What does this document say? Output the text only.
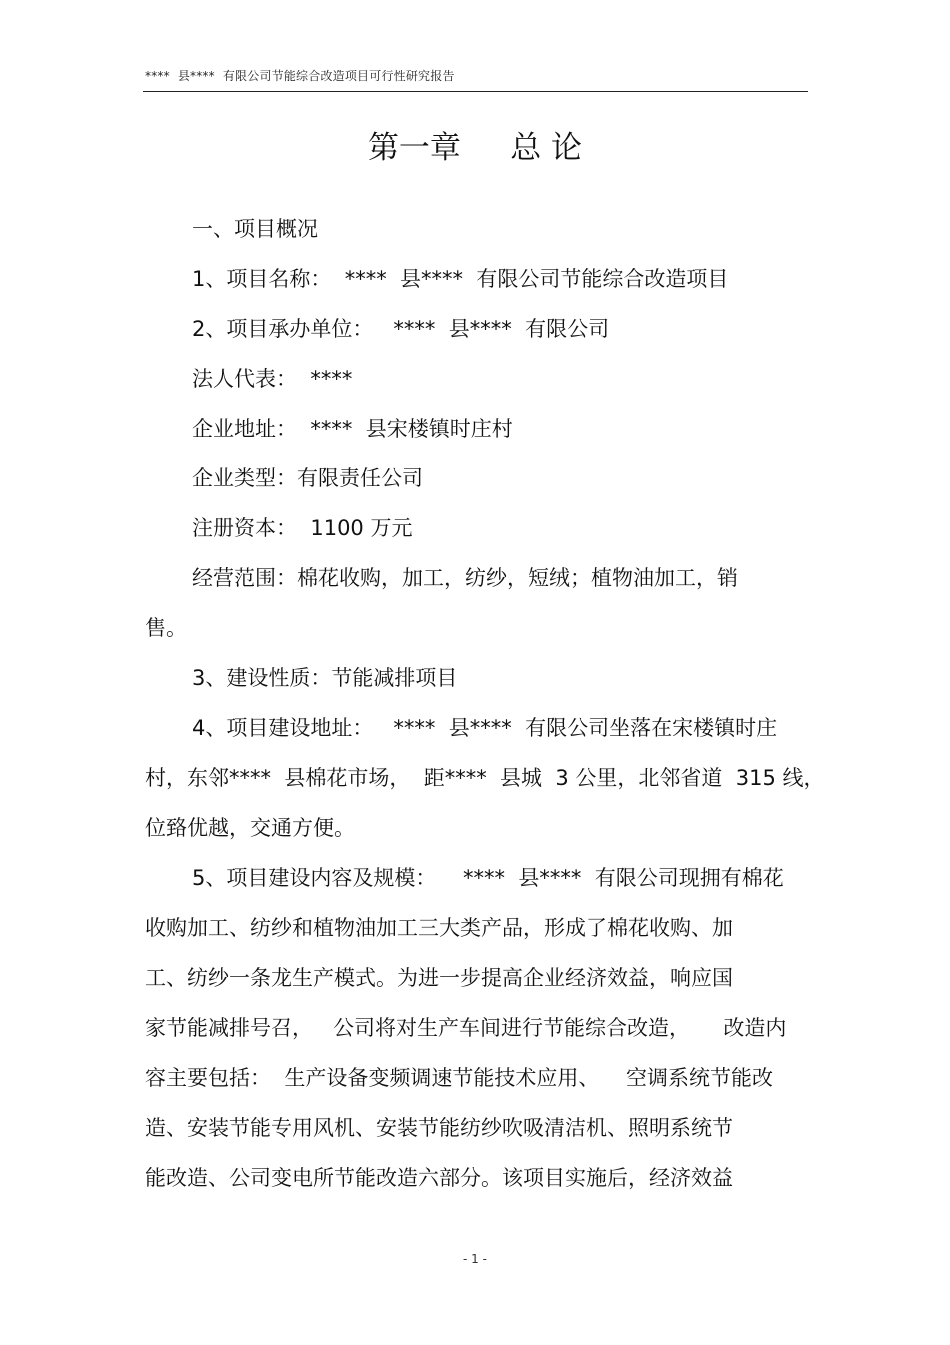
****  县****  有限公司节能综合改造项目可行性研究报告
第一章     总 论
一、项目概况
1、项目名称：  ****  县****  有限公司节能综合改造项目
2、项目承办单位：   ****  县****  有限公司
法人代表：  ****
企业地址：  ****  县宋楼镇时庄村
企业类型：有限责任公司
注册资本：  1100 万元
经营范围：棉花收购，加工，纺纱，短绒；植物油加工，销
售。
3、建设性质：节能减排项目
4、项目建设地址：   ****  县****  有限公司坐落在宋楼镇时庄
村，东邻****  县棉花市场，  距****  县城  3 公里，北邻省道  315 线，
位臵优越，交通方便。
5、项目建设内容及规模：    ****  县****  有限公司现拥有棉花
收购加工、纺纱和植物油加工三大类产品，形成了棉花收购、加
工、纺纱一条龙生产模式。为进一步提高企业经济效益，响应国
家节能减排号召，   公司将对生产车间进行节能综合改造，     改造内
容主要包括：  生产设备变频调速节能技术应用、    空调系统节能改
造、安装节能专用风机、安装节能纺纱吹吸清洁机、照明系统节
能改造、公司变电所节能改造六部分。该项目实施后，经济效益
- 1 -
